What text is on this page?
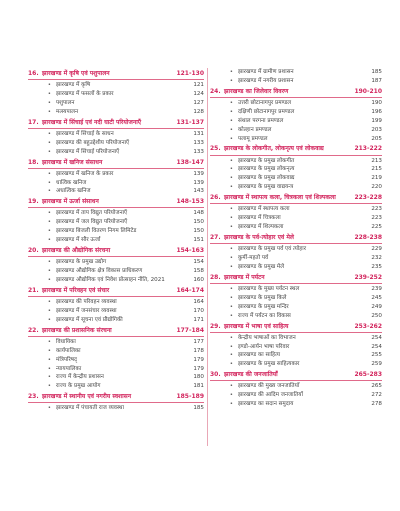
16. झारखण्ड में कृषि एवं पशुपालन	121-130
• झारखण्ड में कृषि	121
• झारखण्ड में फसलों के प्रकार	124
• पशुपालन	127
• मत्स्यपालन	128
17. झारखण्ड में सिंचाई एवं नदी घाटी परियोजनाएँ	131-137
• झारखण्ड में सिंचाई के साधन	131
• झारखण्ड की बहुउद्देशीय परियोजनाएँ	133
• झारखण्ड में सिंचाई परियोजनाएँ	133
18. झारखण्ड में खनिज संसाधन	138-147
• झारखण्ड में खनिज के प्रकार	139
• धात्विक खनिज	139
• अधात्विक खनिज	143
19. झारखण्ड में ऊर्जा संसाधन	148-153
• झारखण्ड में ताप विद्युत परियोजनाएँ	148
• झारखण्ड में जल विद्युत परियोजनाएँ	150
• झारखण्ड बिजली वितरण निगम लिमिटेड	150
• झारखण्ड में सौर ऊर्जा	151
20. झारखण्ड की औद्योगिक संरचना	154-163
• झारखण्ड के प्रमुख उद्योग	154
• झारखण्ड औद्योगिक क्षेत्र विकास प्राधिकरण	158
• झारखण्ड औद्योगिक एवं निवेश प्रोत्साहन नीति, 2021	160
21. झारखण्ड में परिवहन एवं संचार	164-174
• झारखण्ड की परिवहन व्यवस्था	164
• झारखण्ड में जनसंचार व्यवस्था	170
• झारखण्ड में सूचना एवं प्रौद्योगिकी	171
22. झारखण्ड की प्रशासनिक संरचना	177-184
• विधायिका	177
• कार्यपालिका	178
• मंत्रिपरिषद्	179
• न्यायपालिका	179
• राज्य में केन्द्रीय प्रशासन	180
• राज्य के प्रमुख आयोग	181
23. झारखण्ड में स्थानीय एवं नगरीय स्वशासन	185-189
• झारखण्ड में पंचायती राज व्यवस्था	185
• झारखण्ड में ग्रामीण प्रशासन	185
• झारखण्ड में नगरीय प्रशासन	187
24. झारखण्ड का जिलेवार विवरण	190-210
• उत्तरी छोटानागपुर प्रमण्डल	190
• दक्षिणी छोटानागपुर प्रमण्डल	196
• संथाल परगना प्रमण्डल	199
• कोल्हान प्रमण्डल	203
• पलामू प्रमण्डल	205
25. झारखण्ड के लोकगीत, लोकनृत्य एवं लोकवाद्य	213-222
• झारखण्ड के प्रमुख लोकगीत	213
• झारखण्ड के प्रमुख लोकनृत्य	215
• झारखण्ड के प्रमुख लोकवाद्य	219
• झारखण्ड के प्रमुख वाद्ययन्त्र	220
26. झारखण्ड में स्थापत्य कला, चित्रकला एवं शिल्पकला	223-228
• झारखण्ड में स्थापत्य कला	223
• झारखण्ड में चित्रकला	223
• झारखण्ड में शिल्पकला	225
27. झारखण्ड के पर्व-त्योहार एवं मेले	228-238
• झारखण्ड के प्रमुख पर्व एवं त्योहार	229
• कुर्मी-महतो पर्व	232
• झारखण्ड के प्रमुख मेले	235
28. झारखण्ड में पर्यटन	239-252
• झारखण्ड के मुख्य पर्यटन स्थल	239
• झारखण्ड के प्रमुख किले	245
• झारखण्ड के प्रमुख मन्दिर	249
• राज्य में पर्यटन का विकास	250
29. झारखण्ड में भाषा एवं साहित्य	253-262
• केन्द्रीय भाषाओं का विभाजन	254
• इण्डो-आर्यन भाषा परिवार	254
• झारखण्ड का साहित्य	255
• झारखण्ड के प्रमुख साहित्यकार	259
30. झारखण्ड की जनजातियाँ	265-283
• झारखण्ड की मुख्य जनजातियाँ	265
• झारखण्ड की आदिम जनजातियाँ	272
• झारखण्ड का सदान समुदाय	278
